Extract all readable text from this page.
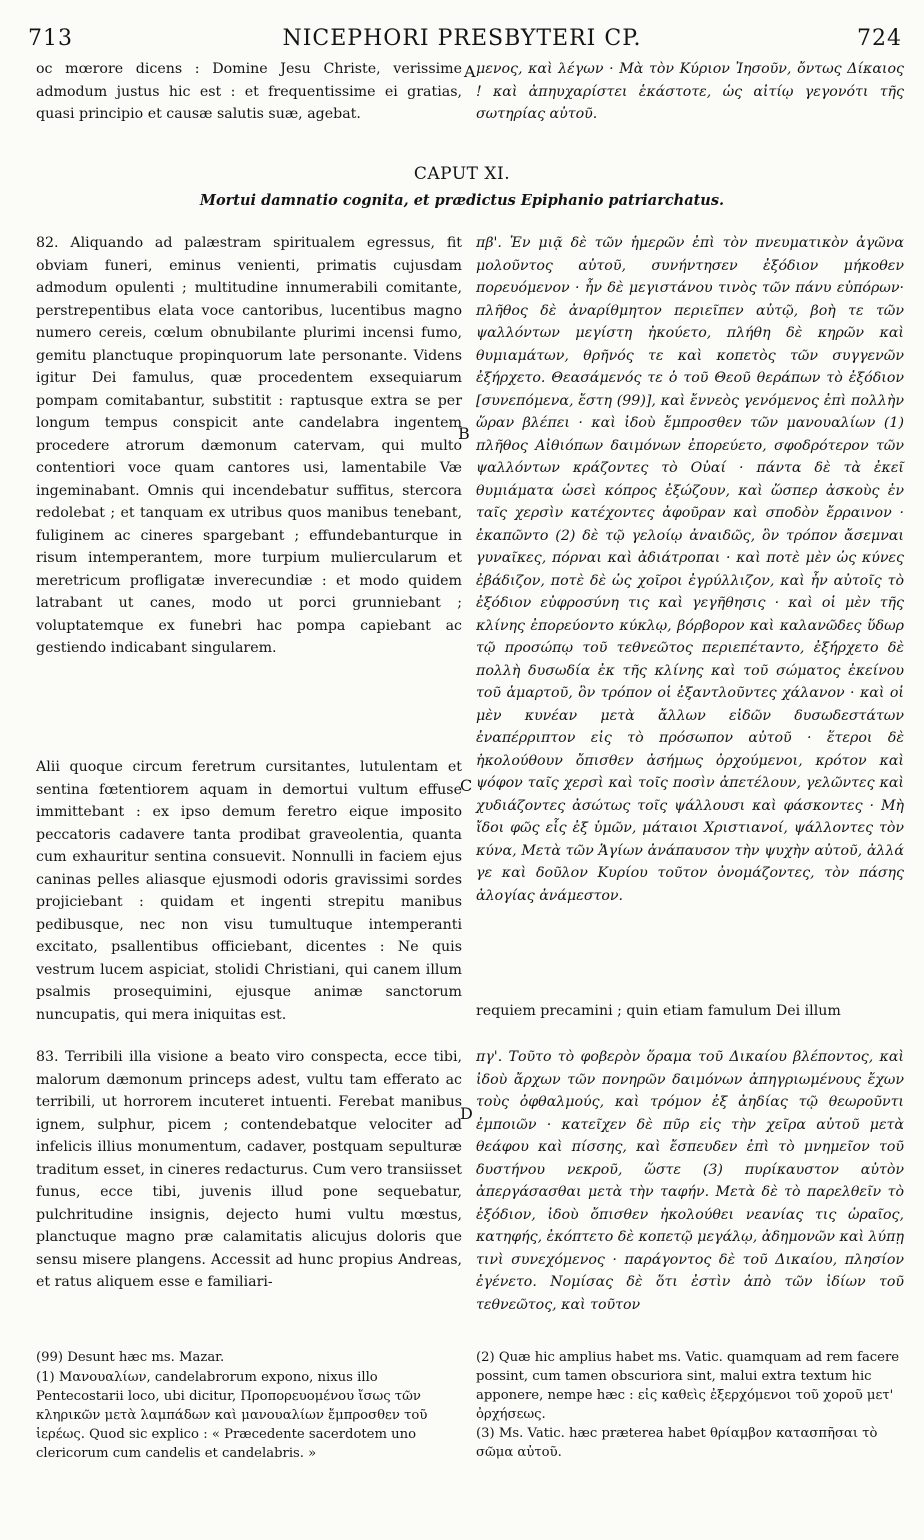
713	NICEPHORI PRESBYTERI CP.	724

oc mœrore dicens : Domine Jesu Christe, verissime admodum justus hic est : et frequentissime ei gratias, quasi principio et causæ salutis suæ, agebat.

A μενος, καὶ λέγων · Μὰ τὸν Κύριον Ἰησοῦν, ὄντως Δίκαιος ! καὶ ἀπηυχαρίστει ἑκάστοτε, ὡς αἰτίῳ γεγονότι τῆς σωτηρίας αὐτοῦ.

CAPUT XI.
Mortui damnatio cognita, et prædictus Epiphanio patriarchatus.

82. Aliquando ad palæstram spiritualem egressus, fit obviam funeri, eminus venienti, primatis cujusdam admodum opulenti ; multitudine innumerabili comitante, perstrepentibus elata voce cantoribus, lucentibus magno numero cereis, cœlum obnubilante plurimi incensi fumo, gemitu planctuque propinquorum late personante. Videns igitur Dei famulus, quæ procedentem exsequiarum pompam comitabantur, substitit : raptusque extra se per longum tempus conspicit ante candelabra ingentem procedere atrorum dæmonum catervam, qui multo contentiori voce quam cantores usi, lamentabile Væ ingeminabant. Omnis qui incendebatur suffitus, stercora redolebat ; et tanquam ex utribus quos manibus tenebant, fuliginem ac cineres spargebant ; effundebanturque in risum intemperantem, more turpium muliercularum et meretricum profligatæ inverecundiæ : et modo quidem latrabant ut canes, modo ut porci grunniebant ; voluptatemque ex funebri hac pompa capiebant ac gestiendo indicabant singularem.

Alii quoque circum feretrum cursitantes, lutulentam et sentina fœtentiorem aquam in demortui vultum effuse immittebant : ex ipso demum feretro eique imposito peccatoris cadavere tanta prodibat graveolentia, quanta cum exhauritur sentina consuevit. Nonnulli in faciem ejus caninas pelles aliasque ejusmodi odoris gravissimi sordes projiciebant : quidam et ingenti strepitu manibus pedibusque, nec non visu tumultuque intemperanti excitato, psallentibus officiebant, dicentes : Ne quis vestrum lucem aspiciat, stolidi Christiani, qui canem illum psalmis prosequimini, ejusque animæ sanctorum nuncupatis, qui mera iniquitas est.

B
C

πβ'. Ἐν μιᾷ δὲ τῶν ἡμερῶν ἐπὶ τὸν πνευματικὸν ἀγῶνα μολοῦντος αὐτοῦ, συνήντησεν ἐξόδιον μήκοθεν πορευόμενον · ἦν δὲ μεγιστάνου τινὸς τῶν πάνυ εὐπόρων· πλῆθος δὲ ἀναρίθμητον περιεῖπεν αὐτῷ, βοὴ τε τῶν ψαλλόντων μεγίστη ἠκούετο, πλήθη δὲ κηρῶν καὶ θυμιαμάτων, θρῆνός τε καὶ κοπετὸς τῶν συγγενῶν ἐξήρχετο. Θεασάμενός τε ὁ τοῦ Θεοῦ θεράπων τὸ ἐξόδιον [συνεπόμενα, ἔστη (99)], καὶ ἔννεὸς γενόμενος ἐπὶ πολλὴν ὥραν βλέπει · καὶ ἰδοὺ ἔμπροσθεν τῶν μανουαλίων (1) πλῆθος Αἰθιόπων δαιμόνων ἐπορεύετο, σφοδρότερον τῶν ψαλλόντων κράζοντες τὸ Οὐαί · πάντα δὲ τὰ ἐκεῖ θυμιάματα ὡσεὶ κόπρος ἐξώζουν, καὶ ὥσπερ ἀσκοὺς ἐν ταῖς χερσὶν κατέχοντες ἀφοῦραν καὶ σποδὸν ἔρραινον · ἐκαπῶντο (2) δὲ τῷ γελοίῳ ἀναιδῶς, ὃν τρόπον ἄσεμναι γυναῖκες, πόρναι καὶ ἀδιάτροπαι · καὶ ποτὲ μὲν ὡς κύνες ἐβάδιζον, ποτὲ δὲ ὡς χοῖροι ἐγρύλλιζον, καὶ ἦν αὐτοῖς τὸ ἐξόδιον εὐφροσύνη τις καὶ γεγῆθησις · καὶ οἱ μὲν τῆς κλίνης ἐπορεύοντο κύκλῳ, βόρβορον καὶ καλανῶδες ὕδωρ τῷ προσώπῳ τοῦ τεθνεῶτος περιεπέταντο, ἐξήρχετο δὲ πολλὴ δυσωδία ἐκ τῆς κλίνης καὶ τοῦ σώματος ἐκείνου τοῦ ἁμαρτοῦ, ὃν τρόπον οἱ ἐξαντλοῦντες χάλανον · καὶ οἱ μὲν κυνέαν μετὰ ἄλλων εἰδῶν δυσωδεστάτων ἐναπέρριπτον εἰς τὸ πρόσωπον αὐτοῦ · ἕτεροι δὲ ἠκολούθουν ὄπισθεν ἀσήμως ὀρχούμενοι, κρότον καὶ ψόφον ταῖς χερσὶ καὶ τοῖς ποσὶν ἀπετέλουν, γελῶντες καὶ χυδιάζοντες ἀσώτως τοῖς ψάλλουσι καὶ φάσκοντες · Μὴ ἴδοι φῶς εἷς ἐξ ὑμῶν, μάταιοι Χριστιανοί, ψάλλοντες τὸν κύνα, Μετὰ τῶν Ἁγίων ἀνάπαυσον τὴν ψυχὴν αὐτοῦ, ἀλλά γε καὶ δοῦλον Κυρίου τοῦτον ὀνομάζοντες, τὸν πάσης ἀλογίας ἀνάμεστον.

requiem precamini ; quin etiam famulum Dei illum

83. Terribili illa visione a beato viro conspecta, ecce tibi, malorum dæmonum princeps adest, vultu tam efferato ac terribili, ut horrorem incuteret intuenti. Ferebat manibus ignem, sulphur, picem ; contendebatque velociter ad infelicis illius monumentum, cadaver, postquam sepulturæ traditum esset, in cineres redacturus. Cum vero transiisset funus, ecce tibi, juvenis illud pone sequebatur, pulchritudine insignis, dejecto humi vultu mœstus, planctuque magno præ calamitatis alicujus doloris que sensu misere plangens. Accessit ad hunc propius Andreas, et ratus aliquem esse e familiari-

D

πγ'. Τοῦτο τὸ φοβερὸν ὅραμα τοῦ Δικαίου βλέποντος, καὶ ἰδοὺ ἄρχων τῶν πονηρῶν δαιμόνων ἀπηγριωμένους ἔχων τοὺς ὀφθαλμούς, καὶ τρόμον ἐξ ἀηδίας τῷ θεωροῦντι ἐμποιῶν · κατεῖχεν δὲ πῦρ εἰς τὴν χεῖρα αὐτοῦ μετὰ θεάφου καὶ πίσσης, καὶ ἔσπευδεν ἐπὶ τὸ μνημεῖον τοῦ δυστήνου νεκροῦ, ὥστε (3) πυρίκαυστον αὐτὸν ἀπεργάσασθαι μετὰ τὴν ταφήν. Μετὰ δὲ τὸ παρελθεῖν τὸ ἐξόδιον, ἰδοὺ ὄπισθεν ἠκολούθει νεανίας τις ὡραῖος, κατηφής, ἐκόπτετο δὲ κοπετῷ μεγάλῳ, ἀδημονῶν καὶ λύπῃ τινὶ συνεχόμενος · παράγοντος δὲ τοῦ Δικαίου, πλησίον ἐγένετο. Νομίσας δὲ ὅτι ἐστὶν ἀπὸ τῶν ἰδίων τοῦ τεθνεῶτος, καὶ τοῦτον

(99) Desunt hæc ms. Mazar.

(1) Μανουαλίων, candelabrorum expono, nixus illo Pentecostarii loco, ubi dicitur, Προπορευομένου ἴσως τῶν κληρικῶν μετὰ λαμπάδων καὶ μανουαλίων ἔμπροσθεν τοῦ ἱερέως. Quod sic explico : « Præcedente sacerdotem uno clericorum cum candelis et candelabris. »

(2) Quæ hic amplius habet ms. Vatic. quamquam ad rem facere possint, cum tamen obscuriora sint, malui extra textum hic apponere, nempe hæc : εἰς καθεὶς ἐξερχόμενοι τοῦ χοροῦ μετ' ὀρχήσεως.

(3) Ms. Vatic. hæc præterea habet θρίαμβον κατασπῆσαι τὸ σῶμα αὐτοῦ.
